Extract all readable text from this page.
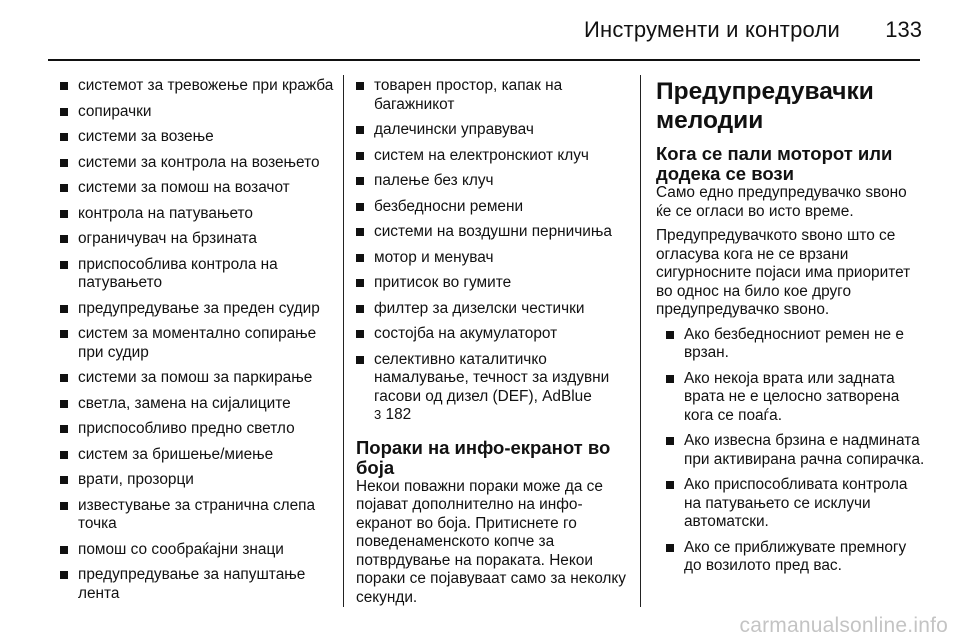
Инструменти и контроли 133
системот за тревожење при кражба
сопирачки
системи за возење
системи за контрола на возењето
системи за помош на возачот
контрола на патувањето
ограничувач на брзината
приспособлива контрола на патувањето
предупредување за преден судир
систем за моментално сопирање при судир
системи за помош за паркирање
светла, замена на сијалиците
приспособливо предно светло
систем за бришење/миење
врати, прозорци
известување за странична слепа точка
помош со сообраќајни знаци
предупредување за напуштање лента
товарен простор, капак на багажникот
далечински управувач
систем на електронскиот клуч
палење без клуч
безбедносни ремени
системи на воздушни перничиња
мотор и менувач
притисок во гумите
филтер за дизелски честички
состојба на акумулаторот
селективно каталитичко намалување, течност за издувни гасови од дизел (DEF), AdBlue
3 182
Пораки на инфо-екранот во боја

Некои поважни пораки може да се појават дополнително на инфо-екранот во боја. Притиснете го поведенаменското копче за потврдување на пораката. Некои пораки се појавуваат само за неколку секунди.

Предупредувачки мелодии
Кога се пали моторот или додека се вози

Само едно предупредувачко ѕвоно ќе се огласи во исто време.

Предупредувачкото ѕвоно што се огласува кога не се врзани сигурносните појаси има приоритет во однос на било кое друго предупредувачко ѕвоно.

Ако безбедносниот ремен не е врзан.
Ако некоја врата или задната врата не е целосно затворена кога се поаѓа.
Ако извесна брзина е надмината при активирана рачна сопирачка.
Ако приспособливата контрола на патувањето се исклучи автоматски.
Ако се приближувате премногу до возилото пред вас.
carmanualsonline.info
